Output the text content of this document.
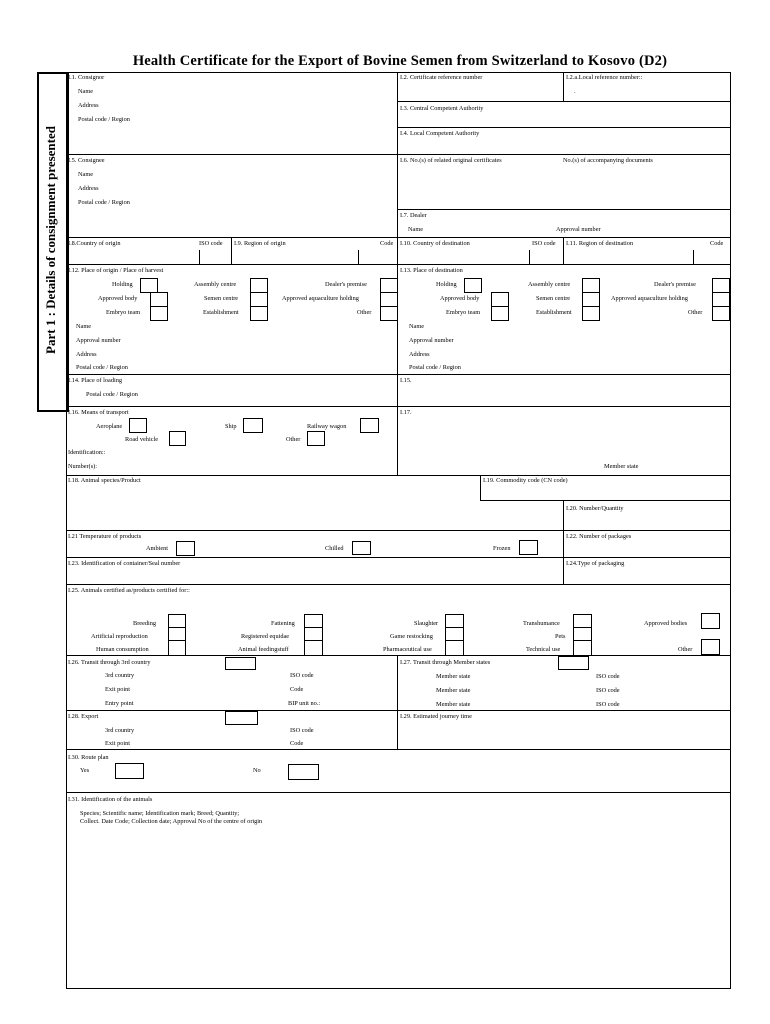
Health Certificate for the Export of Bovine Semen from Switzerland to Kosovo (D2)
Part 1 : Details of consignment presented
I.1. Consignor
Name
Address
Postal code / Region
I.2. Certificate reference number	I.2.a.Local reference number::
.
I.3. Central Competent Authority
I.4. Local Competent Authority
I.5. Consignee
Name
Address
Postal code / Region
I.6. No.(s) of related original certificates	No.(s) of accompanying documents
I.7. Dealer
Name	Approval number
I.8.Country of origin	ISO code I.9. Region of origin	Code I.10. Country of destination	ISO code I.11. Region of destination	Code
I.12. Place of origin / Place of harvest
Holding	Assembly centre	Dealer's premise
Approved body	Semen centre	Approved aquaculture holding
Embryo team	Establishment	Other
Name
Approval number
Address
Postal code / Region
I.13. Place of destination
Holding	Assembly centre	Dealer's premise
Approved body	Semen centre	Approved aquaculture holding
Embryo team	Establishment	Other
Name
Approval number
Address
Postal code / Region
I.14. Place of loading
Postal code / Region
I.15.
I.16. Means of transport
Aeroplane	Ship	Railway wagon
Road vehicle	Other
Identification::
Number(s):
I.17.
Member state
I.18. Animal species/Product	I.19. Commodity code (CN code)
I.20. Number/Quantity
I.21 Temperature of products
Ambient	Chilled	Frozen
I.22. Number of packages
I.23. Identification of container/Seal number	I.24.Type of packaging
I.25. Animals certified as/products certified for::
Breeding	Fattening	Slaughter	Transhumance	Approved bodies
Artificial reproduction	Registered equidae	Game restocking	Pets
Human consumption	Animal feedingstuff	Pharmaceutical use	Technical use	Other
I.26. Transit through 3rd country
3rd country	ISO code
Exit point	Code
Entry point	BIP unit no.:
I.27. Transit through Member states
Member state	ISO code
Member state	ISO code
Member state	ISO code
I.28. Export
3rd country	ISO code
Exit point	Code
I.29. Estimated journey time
I.30. Route plan
Yes	No
I.31. Identification of the animals
Species; Scientific name; Identification mark; Breed; Quantity;
Collect. Date Code; Collection date; Approval No of the centre of origin
